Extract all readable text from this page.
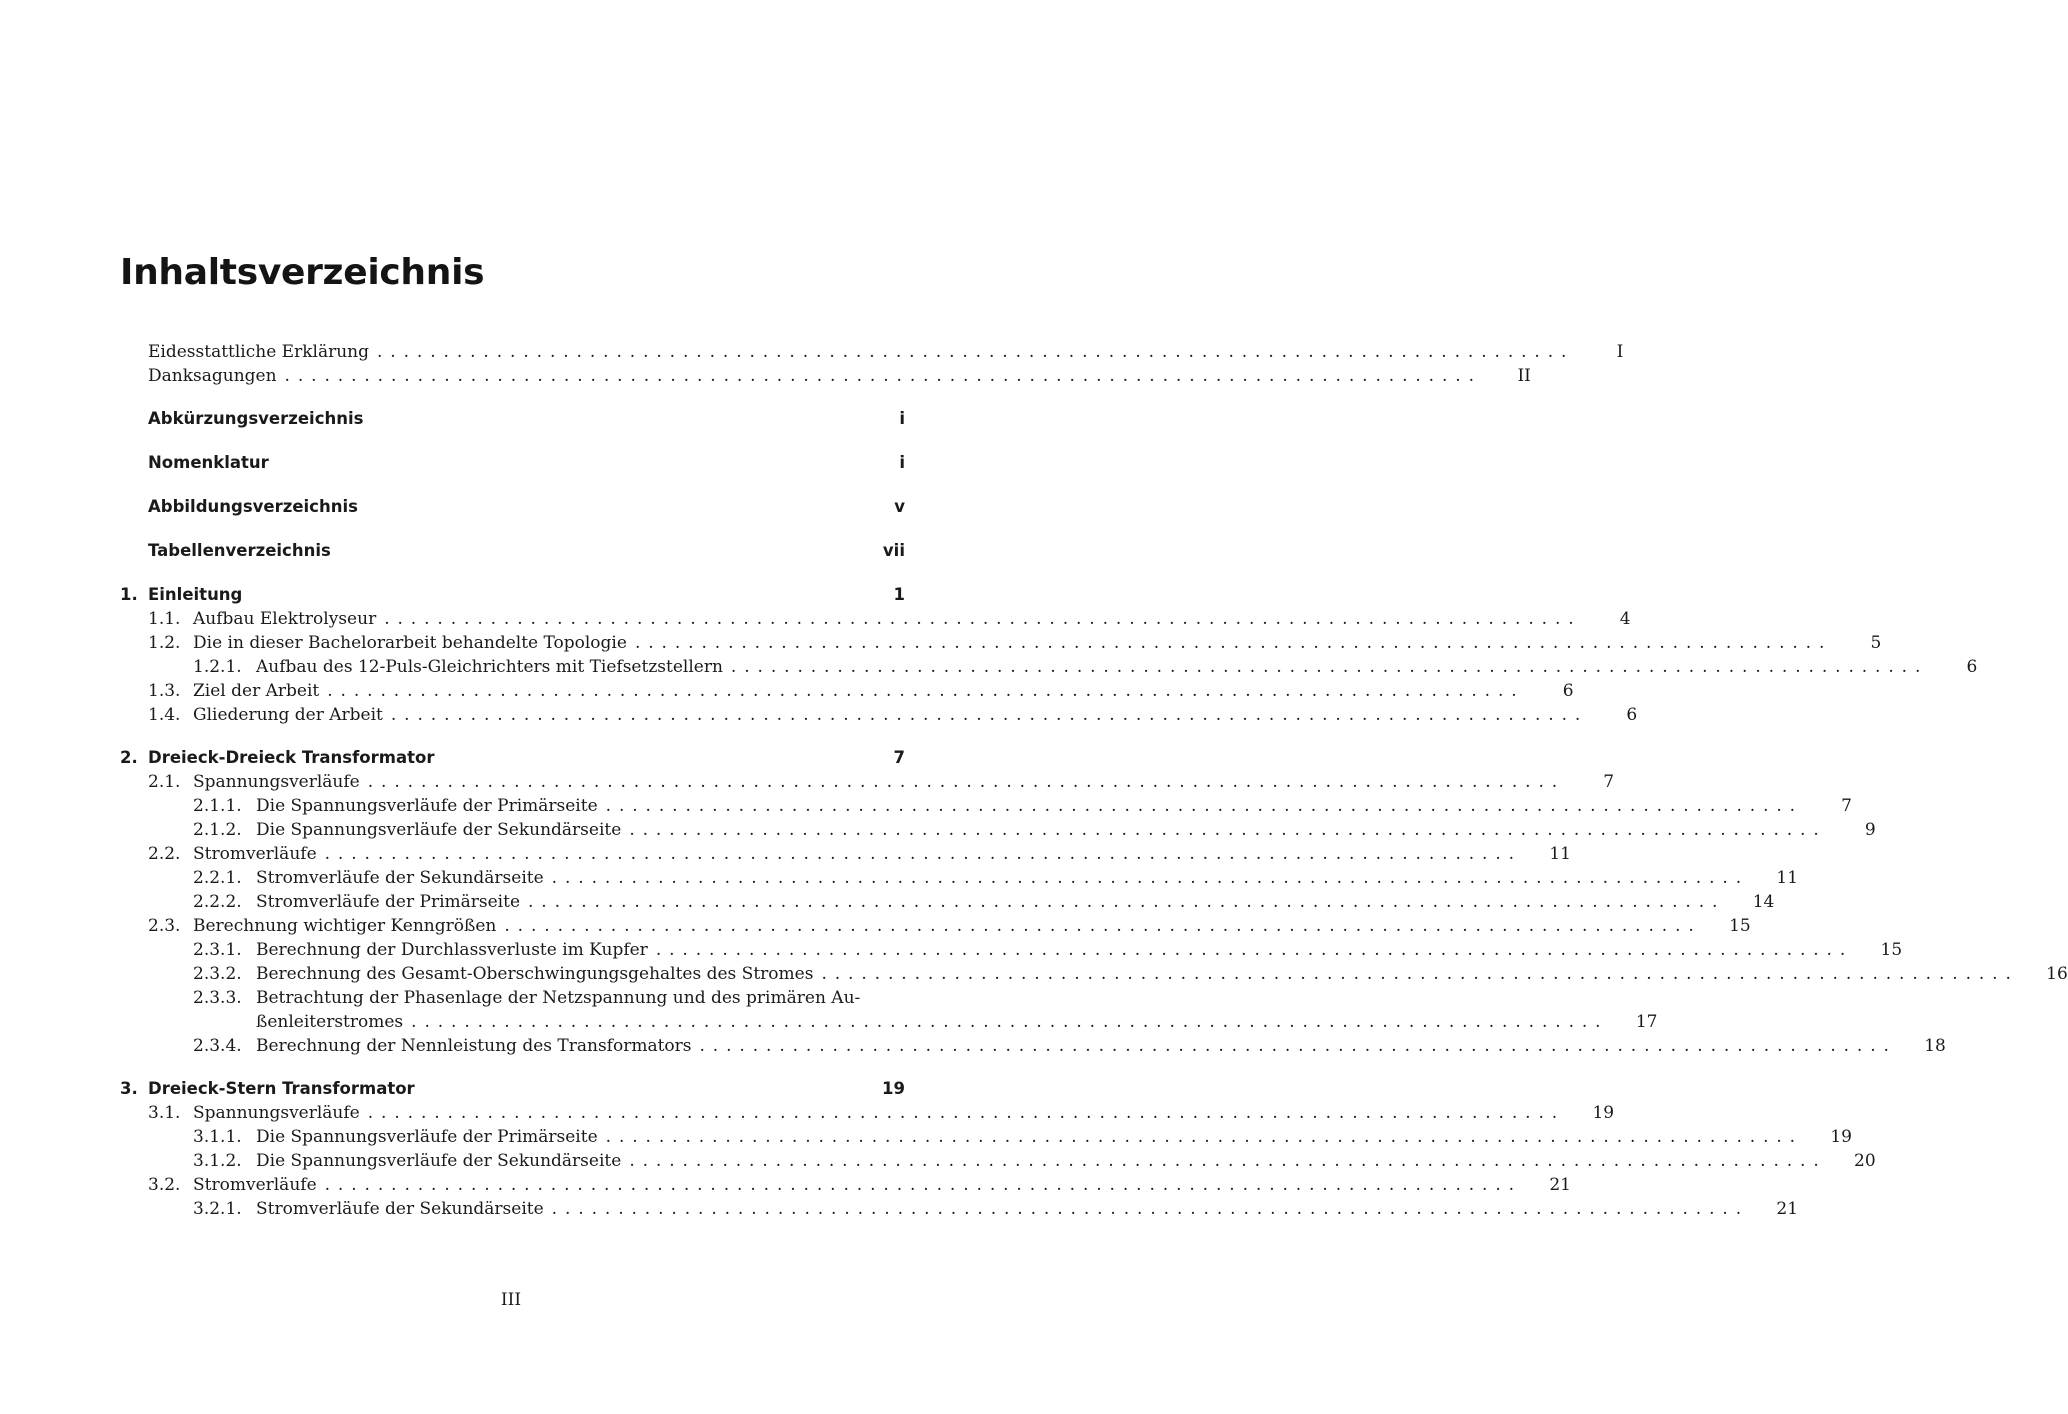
Inhaltsverzeichnis
Eidesstattliche Erklärung ..........................................................................................	I
Danksagungen ..........................................................................................	II
Abkürzungsverzeichnis	i
Nomenklatur	i
Abbildungsverzeichnis	v
Tabellenverzeichnis	vii
1. Einleitung	1
1.1. Aufbau Elektrolyseur ..........................................................................................	4
1.2. Die in dieser Bachelorarbeit behandelte Topologie ..........................................................................................	5
1.2.1. Aufbau des 12-Puls-Gleichrichters mit Tiefsetzstellern ..........................................................................................	6
1.3. Ziel der Arbeit ..........................................................................................	6
1.4. Gliederung der Arbeit ..........................................................................................	6
2. Dreieck-Dreieck Transformator	7
2.1. Spannungsverläufe ..........................................................................................	7
2.1.1. Die Spannungsverläufe der Primärseite ..........................................................................................	7
2.1.2. Die Spannungsverläufe der Sekundärseite ..........................................................................................	9
2.2. Stromverläufe ..........................................................................................	11
2.2.1. Stromverläufe der Sekundärseite ..........................................................................................	11
2.2.2. Stromverläufe der Primärseite ..........................................................................................	14
2.3. Berechnung wichtiger Kenngrößen ..........................................................................................	15
2.3.1. Berechnung der Durchlassverluste im Kupfer ..........................................................................................	15
2.3.2. Berechnung des Gesamt-Oberschwingungsgehaltes des Stromes ..........................................................................................	16
2.3.3. Betrachtung der Phasenlage der Netzspannung und des primären Au-
ßenleiterstromes ..........................................................................................	17
2.3.4. Berechnung der Nennleistung des Transformators ..........................................................................................	18
3. Dreieck-Stern Transformator	19
3.1. Spannungsverläufe ..........................................................................................	19
3.1.1. Die Spannungsverläufe der Primärseite ..........................................................................................	19
3.1.2. Die Spannungsverläufe der Sekundärseite ..........................................................................................	20
3.2. Stromverläufe ..........................................................................................	21
3.2.1. Stromverläufe der Sekundärseite ..........................................................................................	21
III
